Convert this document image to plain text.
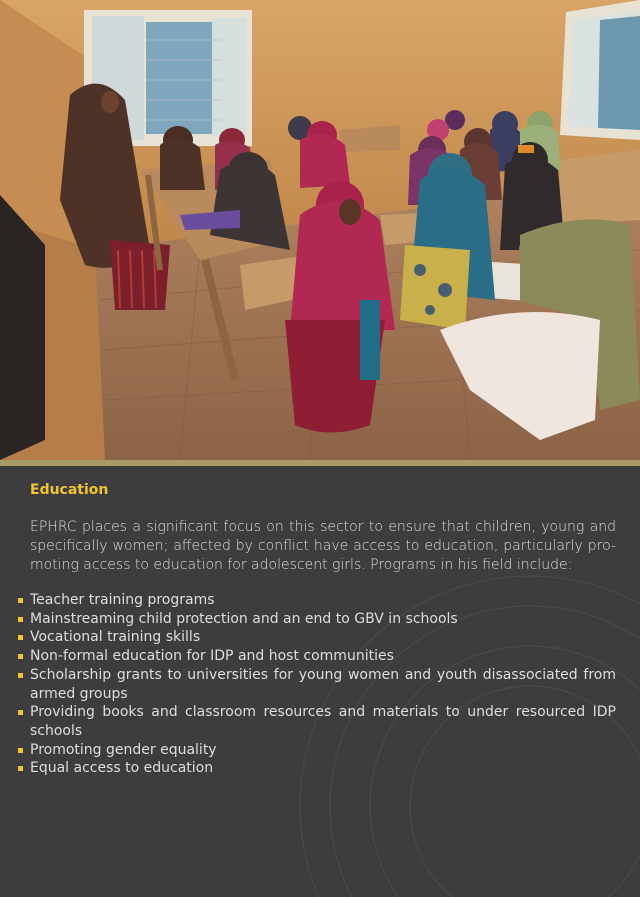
Education

EPHRC places a significant focus on this sector to ensure that children, young and specifically women; affected by conflict have access to education, particularly pro-moting access to education for adolescent girls. Programs in his field include:

Teacher training programs
Mainstreaming child protection and an end to GBV in schools
Vocational training skills
Non-formal education for IDP and host communities
Scholarship grants to universities for young women and youth disassociated from armed groups
Providing books and classroom resources and materials to under resourced IDP schools
Promoting gender equality
Equal access to education
